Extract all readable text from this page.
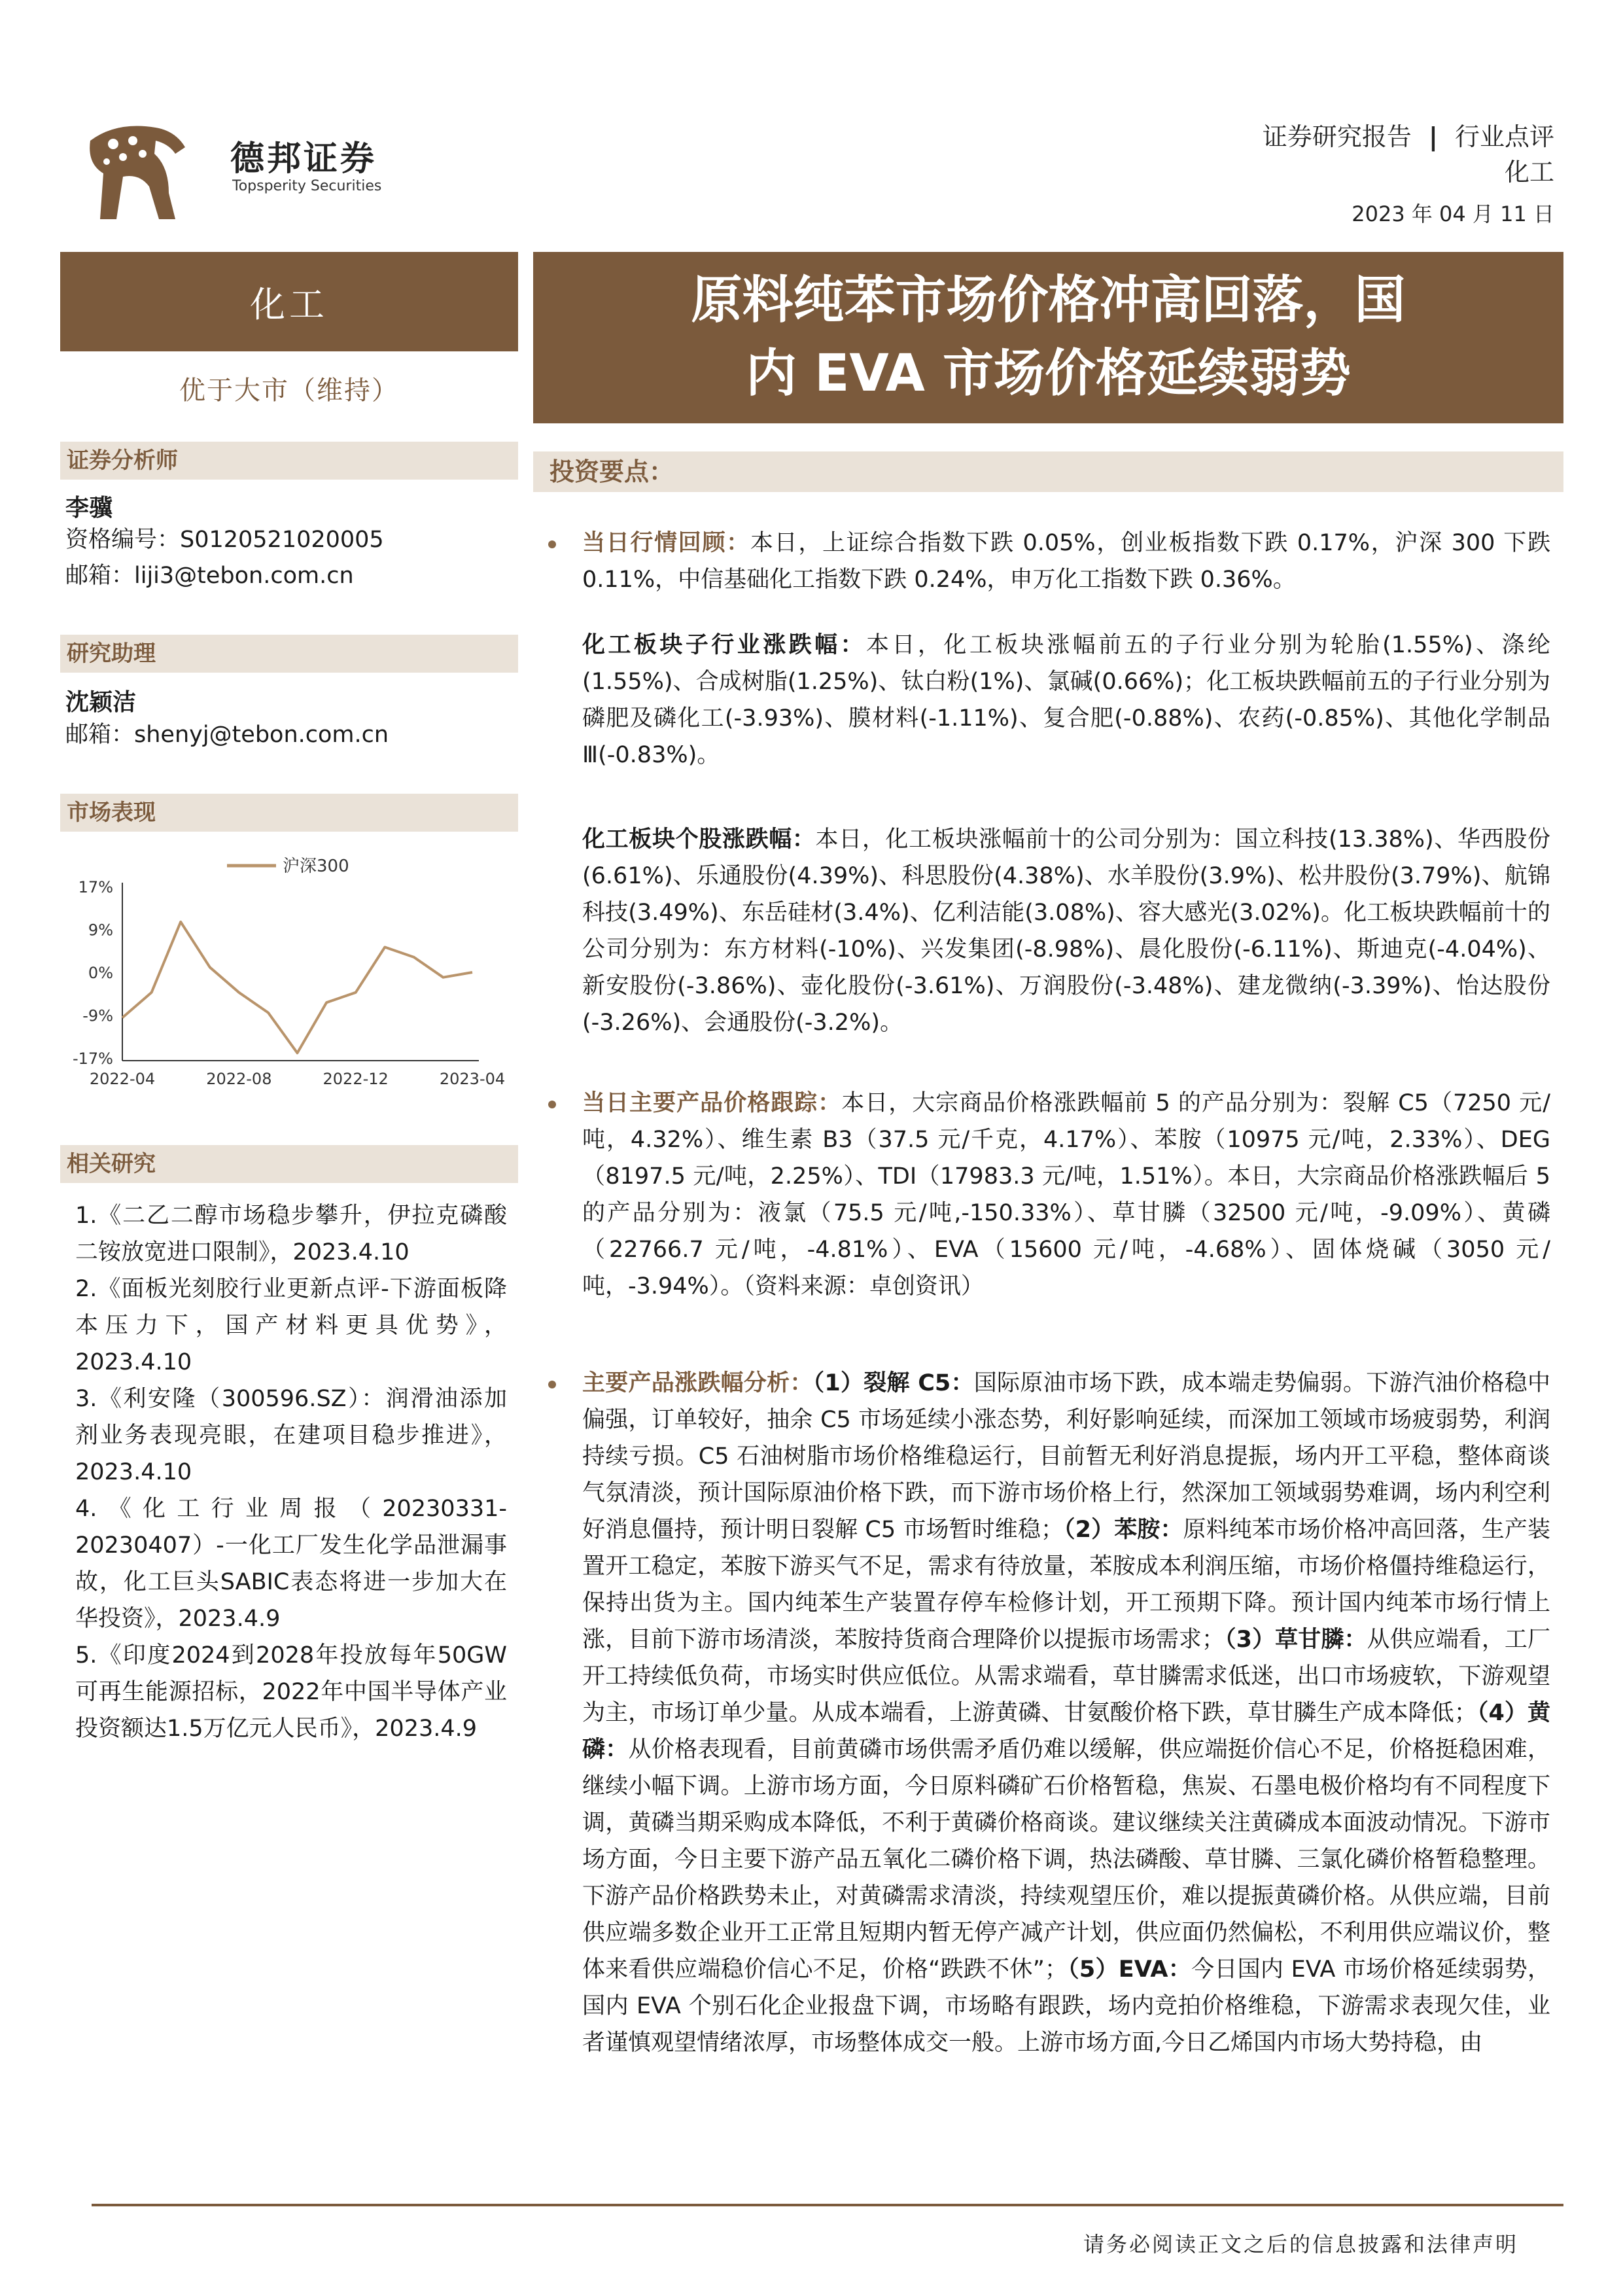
德邦证券
Topsperity Securities
证券研究报告 | 行业点评
化工
2023 年 04 月 11 日
化工
优于大市（维持）
证券分析师
李骥
资格编号：S0120521020005
邮箱：liji3@tebon.com.cn
研究助理
沈颖洁
邮箱：shenyj@tebon.com.cn
市场表现
17%
9%
0%
-9%
-17%
2022-04	2022-08	2022-12	2023-04
沪深300
相关研究
1.《二乙二醇市场稳步攀升，伊拉克磷酸二铵放宽进口限制》，2023.4.10
2.《面板光刻胶行业更新点评-下游面板降本压力下，国产材料更具优势》，2023.4.10
3.《利安隆（300596.SZ）：润滑油添加剂业务表现亮眼，在建项目稳步推进》，2023.4.10
4.《化工行业周报（20230331-20230407）-一化工厂发生化学品泄漏事故，化工巨头SABIC表态将进一步加大在华投资》，2023.4.9
5.《印度2024到2028年投放每年50GW可再生能源招标，2022年中国半导体产业投资额达1.5万亿元人民币》，2023.4.9
原料纯苯市场价格冲高回落，国
内 EVA 市场价格延续弱势
投资要点：
当日行情回顾：本日，上证综合指数下跌 0.05%，创业板指数下跌 0.17%，沪深 300 下跌 0.11%，中信基础化工指数下跌 0.24%，申万化工指数下跌 0.36%。
化工板块子行业涨跌幅：本日，化工板块涨幅前五的子行业分别为轮胎(1.55%)、涤纶(1.55%)、合成树脂(1.25%)、钛白粉(1%)、氯碱(0.66%)；化工板块跌幅前五的子行业分别为磷肥及磷化工(-3.93%)、膜材料(-1.11%)、复合肥(-0.88%)、农药(-0.85%)、其他化学制品Ⅲ(-0.83%)。
化工板块个股涨跌幅：本日，化工板块涨幅前十的公司分别为：国立科技(13.38%)、华西股份(6.61%)、乐通股份(4.39%)、科思股份(4.38%)、水羊股份(3.9%)、松井股份(3.79%)、航锦科技(3.49%)、东岳硅材(3.4%)、亿利洁能(3.08%)、容大感光(3.02%)。化工板块跌幅前十的公司分别为：东方材料(-10%)、兴发集团(-8.98%)、晨化股份(-6.11%)、斯迪克(-4.04%)、新安股份(-3.86%)、壶化股份(-3.61%)、万润股份(-3.48%)、建龙微纳(-3.39%)、怡达股份(-3.26%)、会通股份(-3.2%)。
当日主要产品价格跟踪：本日，大宗商品价格涨跌幅前 5 的产品分别为：裂解 C5（7250 元/吨，4.32%）、维生素 B3（37.5 元/千克，4.17%）、苯胺（10975 元/吨，2.33%）、DEG（8197.5 元/吨，2.25%）、TDI（17983.3 元/吨，1.51%）。本日，大宗商品价格涨跌幅后 5 的产品分别为：液氯（75.5 元/吨,-150.33%）、草甘膦（32500 元/吨，-9.09%）、黄磷（22766.7 元/吨，-4.81%）、EVA（15600 元/吨，-4.68%）、固体烧碱（3050 元/吨，-3.94%）。（资料来源：卓创资讯）
主要产品涨跌幅分析：（1）裂解 C5：国际原油市场下跌，成本端走势偏弱。下游汽油价格稳中偏强，订单较好，抽余 C5 市场延续小涨态势，利好影响延续，而深加工领域市场疲弱势，利润持续亏损。C5 石油树脂市场价格维稳运行，目前暂无利好消息提振，场内开工平稳，整体商谈气氛清淡，预计国际原油价格下跌，而下游市场价格上行，然深加工领域弱势难调，场内利空利好消息僵持，预计明日裂解 C5 市场暂时维稳；（2）苯胺：原料纯苯市场价格冲高回落，生产装置开工稳定，苯胺下游买气不足，需求有待放量，苯胺成本利润压缩，市场价格僵持维稳运行，保持出货为主。国内纯苯生产装置存停车检修计划，开工预期下降。预计国内纯苯市场行情上涨，目前下游市场清淡，苯胺持货商合理降价以提振市场需求；（3）草甘膦：从供应端看，工厂开工持续低负荷，市场实时供应低位。从需求端看，草甘膦需求低迷，出口市场疲软，下游观望为主，市场订单少量。从成本端看，上游黄磷、甘氨酸价格下跌，草甘膦生产成本降低；（4）黄磷：从价格表现看，目前黄磷市场供需矛盾仍难以缓解，供应端挺价信心不足，价格挺稳困难，继续小幅下调。上游市场方面，今日原料磷矿石价格暂稳，焦炭、石墨电极价格均有不同程度下调，黄磷当期采购成本降低，不利于黄磷价格商谈。建议继续关注黄磷成本面波动情况。下游市场方面，今日主要下游产品五氧化二磷价格下调，热法磷酸、草甘膦、三氯化磷价格暂稳整理。下游产品价格跌势未止，对黄磷需求清淡，持续观望压价，难以提振黄磷价格。从供应端，目前供应端多数企业开工正常且短期内暂无停产减产计划，供应面仍然偏松，不利用供应端议价，整体来看供应端稳价信心不足，价格“跌跌不休”；（5）EVA：今日国内 EVA 市场价格延续弱势，国内 EVA 个别石化企业报盘下调，市场略有跟跌，场内竞拍价格维稳，下游需求表现欠佳，业者谨慎观望情绪浓厚，市场整体成交一般。上游市场方面,今日乙烯国内市场大势持稳，由
请务必阅读正文之后的信息披露和法律声明
